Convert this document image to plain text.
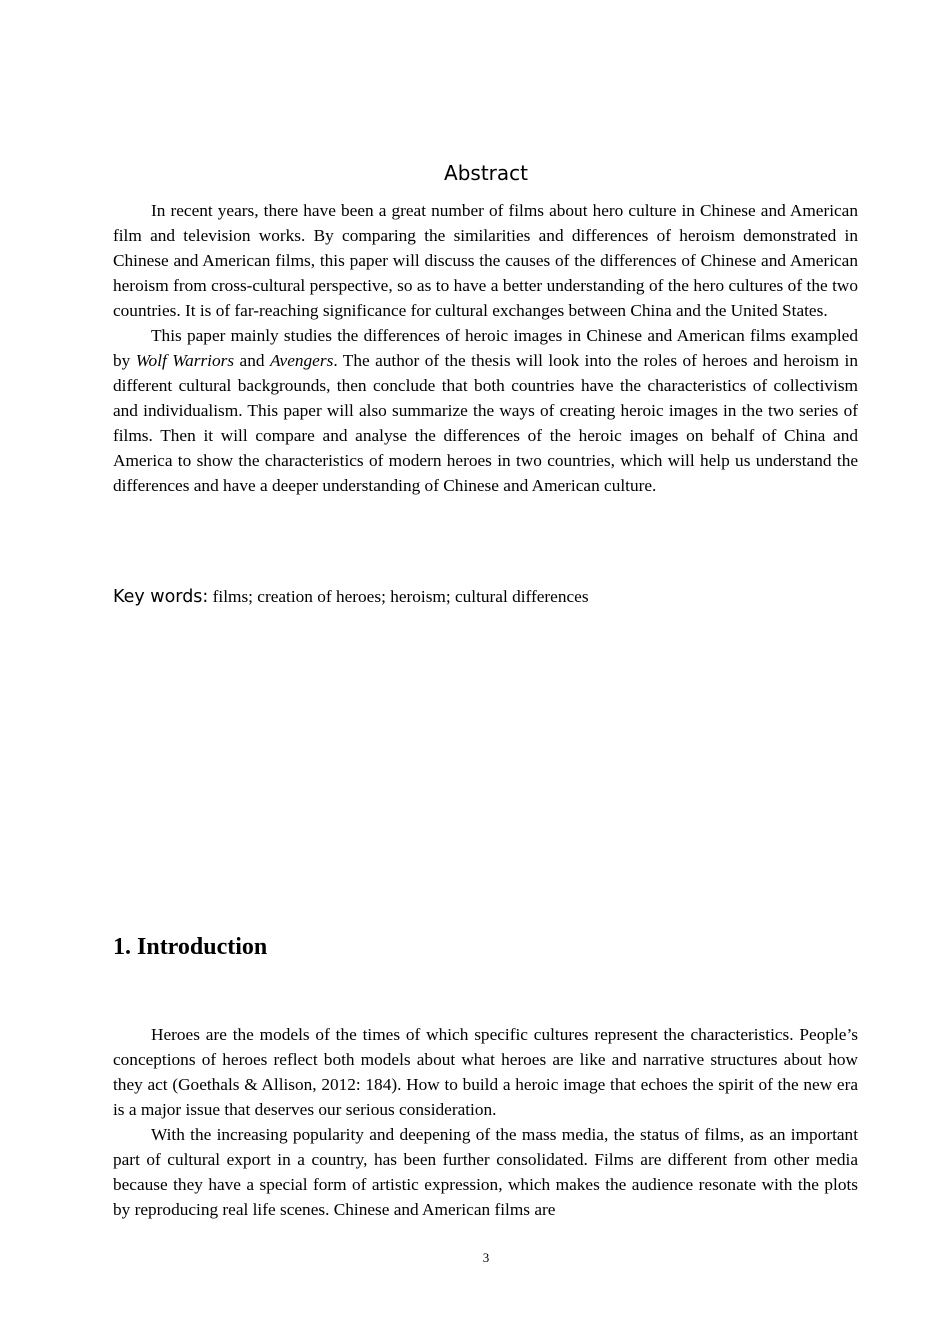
Abstract

In recent years, there have been a great number of films about hero culture in Chinese and American film and television works. By comparing the similarities and differences of heroism demonstrated in Chinese and American films, this paper will discuss the causes of the differences of Chinese and American heroism from cross-cultural perspective, so as to have a better understanding of the hero cultures of the two countries. It is of far-reaching significance for cultural exchanges between China and the United States.

This paper mainly studies the differences of heroic images in Chinese and American films exampled by Wolf Warriors and Avengers. The author of the thesis will look into the roles of heroes and heroism in different cultural backgrounds, then conclude that both countries have the characteristics of collectivism and individualism. This paper will also summarize the ways of creating heroic images in the two series of films. Then it will compare and analyse the differences of the heroic images on behalf of China and America to show the characteristics of modern heroes in two countries, which will help us understand the differences and have a deeper understanding of Chinese and American culture.

Key words: films; creation of heroes; heroism; cultural differences

1. Introduction

Heroes are the models of the times of which specific cultures represent the characteristics. People’s conceptions of heroes reflect both models about what heroes are like and narrative structures about how they act (Goethals & Allison, 2012: 184). How to build a heroic image that echoes the spirit of the new era is a major issue that deserves our serious consideration.

With the increasing popularity and deepening of the mass media, the status of films, as an important part of cultural export in a country, has been further consolidated. Films are different from other media because they have a special form of artistic expression, which makes the audience resonate with the plots by reproducing real life scenes. Chinese and American films are

3
